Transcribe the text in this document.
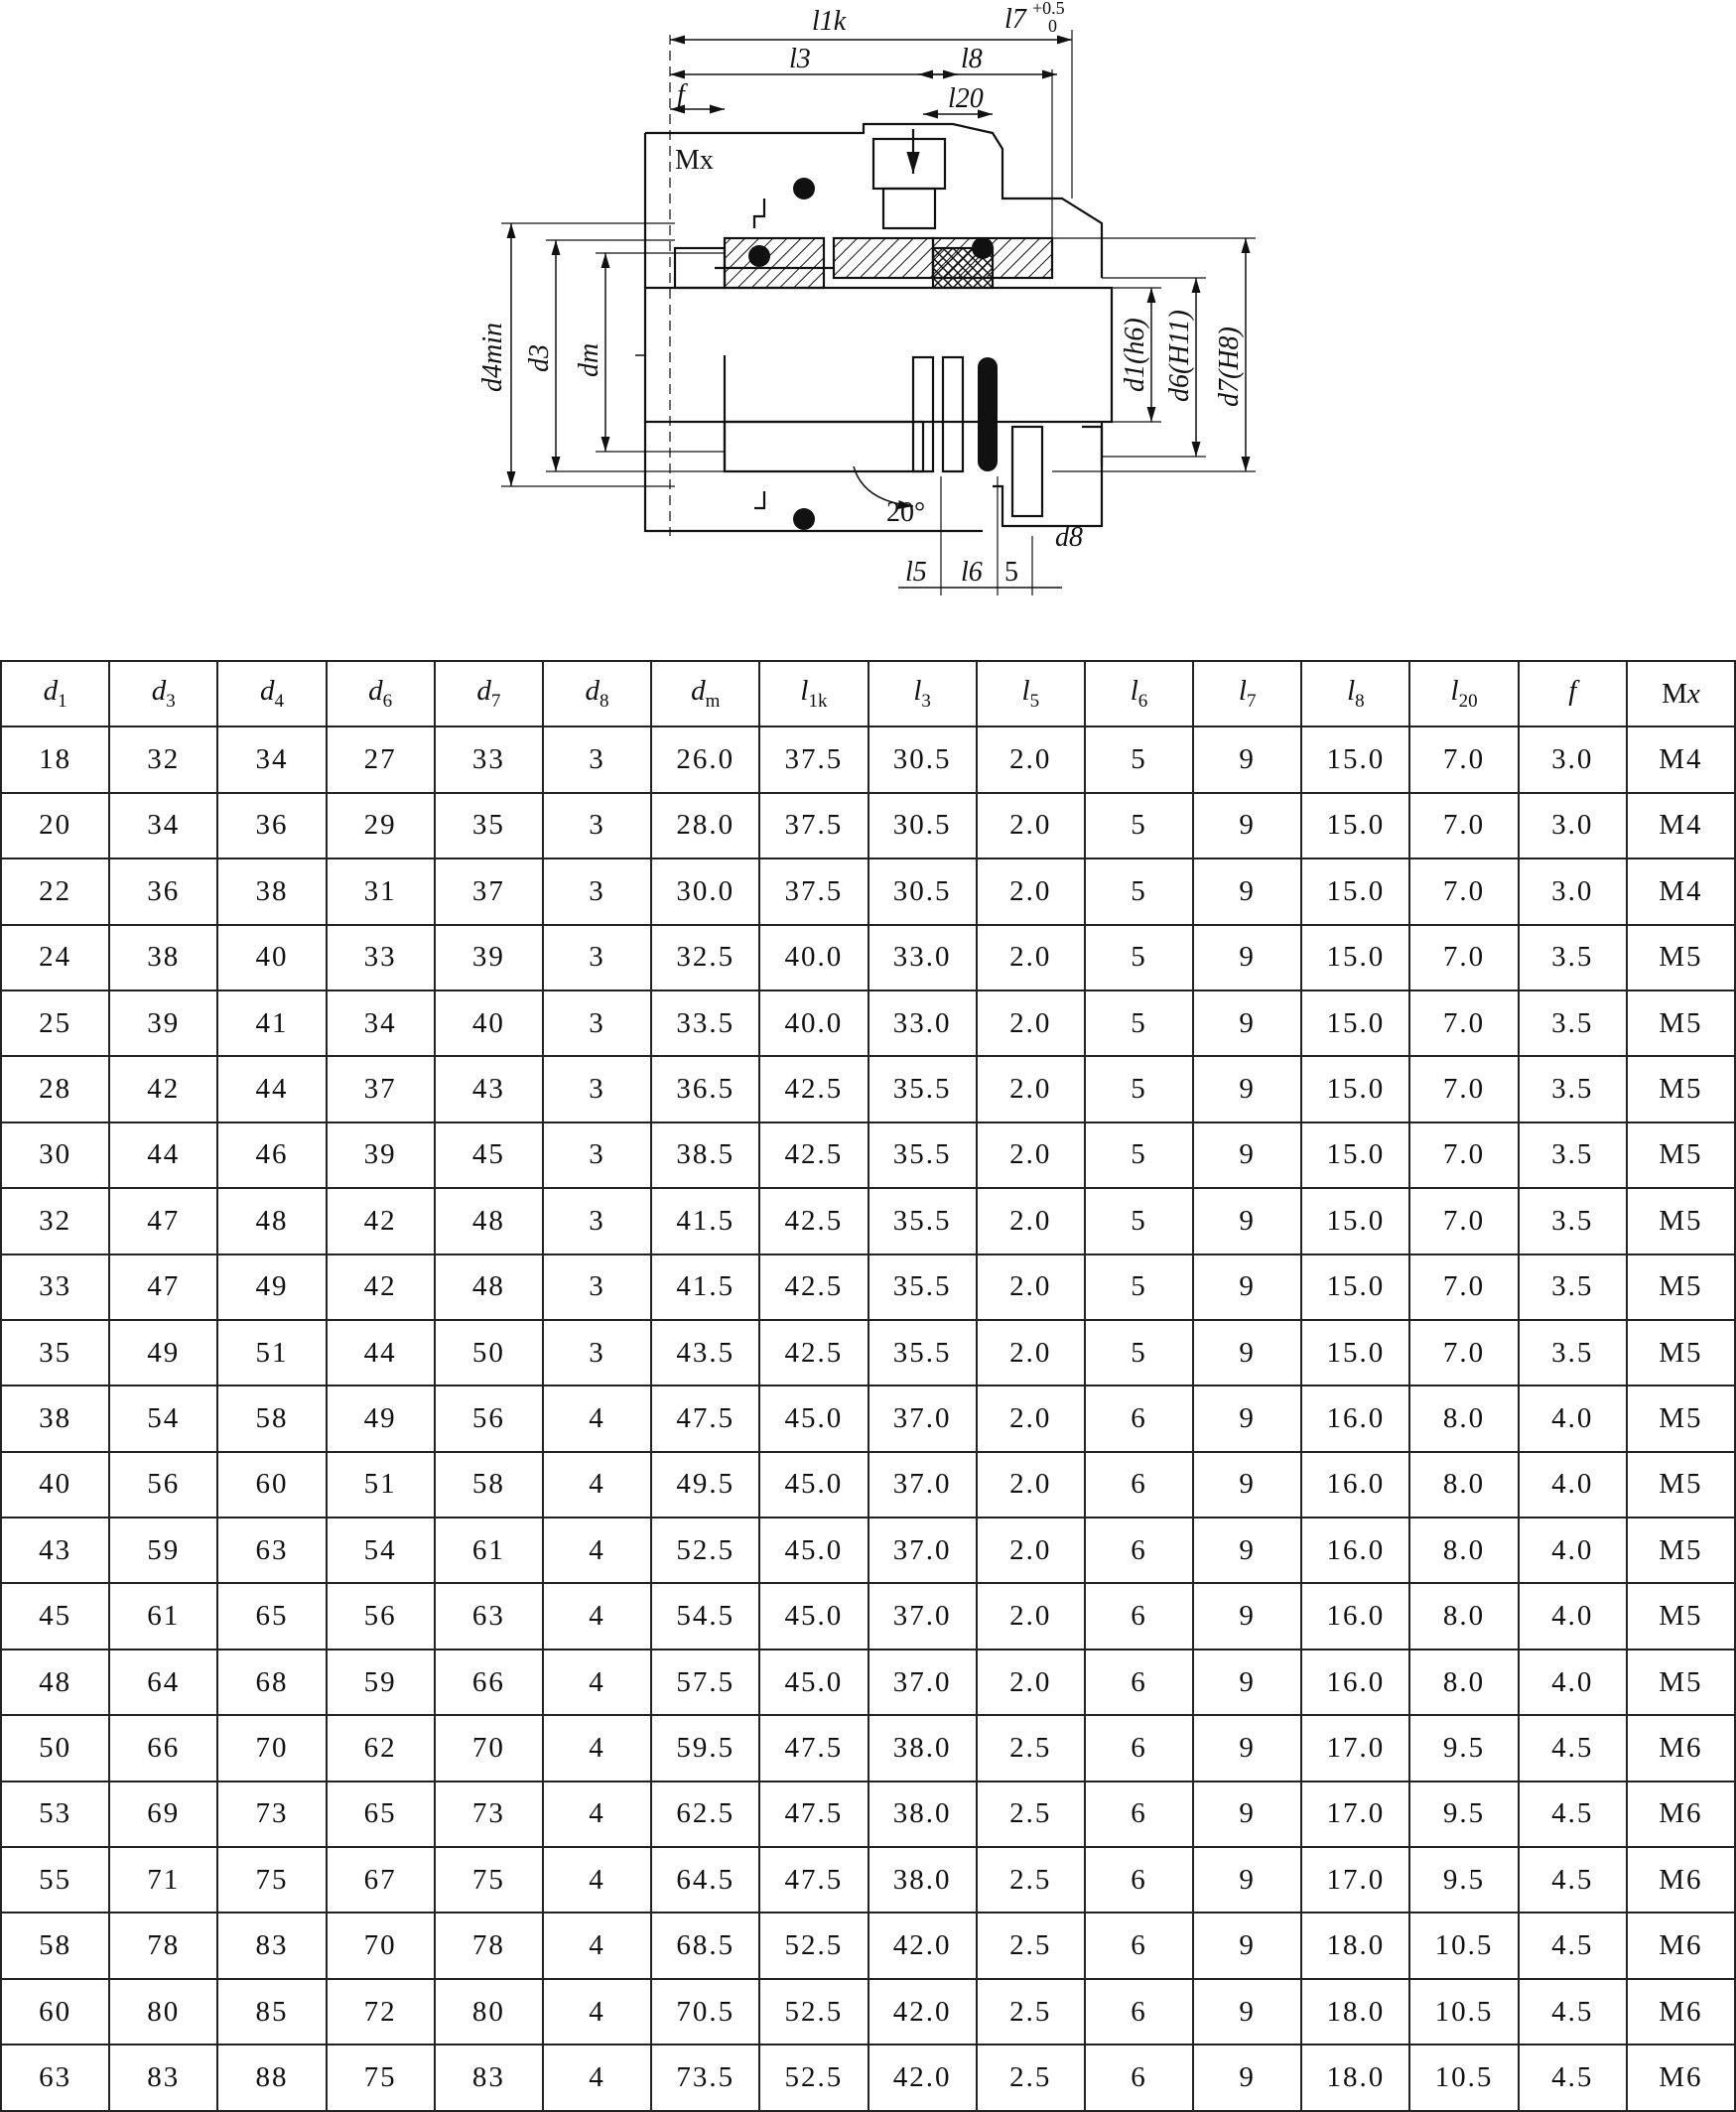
l1k	l7 +0.5
0
l3	l8
f	l20
Mx
d4min d3 dm	d1(h6) d6(H11) d7(H8)
20°
d8
l5 l6 5
$d_1$	$d_3$	$d_4$	$d_6$	$d_7$	$d_8$	$d_m$	$l_{1k}$	$l_3$	$l_5$	$l_6$	$l_7$	$l_8$	$l_{20}$	f	Mx
18	32	34	27	33	3	26.0	37.5	30.5	2.0	5	9	15.0	7.0	3.0	M4
20	34	36	29	35	3	28.0	37.5	30.5	2.0	5	9	15.0	7.0	3.0	M4
22	36	38	31	37	3	30.0	37.5	30.5	2.0	5	9	15.0	7.0	3.0	M4
24	38	40	33	39	3	32.5	40.0	33.0	2.0	5	9	15.0	7.0	3.5	M5
25	39	41	34	40	3	33.5	40.0	33.0	2.0	5	9	15.0	7.0	3.5	M5
28	42	44	37	43	3	36.5	42.5	35.5	2.0	5	9	15.0	7.0	3.5	M5
30	44	46	39	45	3	38.5	42.5	35.5	2.0	5	9	15.0	7.0	3.5	M5
32	47	48	42	48	3	41.5	42.5	35.5	2.0	5	9	15.0	7.0	3.5	M5
33	47	49	42	48	3	41.5	42.5	35.5	2.0	5	9	15.0	7.0	3.5	M5
35	49	51	44	50	3	43.5	42.5	35.5	2.0	5	9	15.0	7.0	3.5	M5
38	54	58	49	56	4	47.5	45.0	37.0	2.0	6	9	16.0	8.0	4.0	M5
40	56	60	51	58	4	49.5	45.0	37.0	2.0	6	9	16.0	8.0	4.0	M5
43	59	63	54	61	4	52.5	45.0	37.0	2.0	6	9	16.0	8.0	4.0	M5
45	61	65	56	63	4	54.5	45.0	37.0	2.0	6	9	16.0	8.0	4.0	M5
48	64	68	59	66	4	57.5	45.0	37.0	2.0	6	9	16.0	8.0	4.0	M5
50	66	70	62	70	4	59.5	47.5	38.0	2.5	6	9	17.0	9.5	4.5	M6
53	69	73	65	73	4	62.5	47.5	38.0	2.5	6	9	17.0	9.5	4.5	M6
55	71	75	67	75	4	64.5	47.5	38.0	2.5	6	9	17.0	9.5	4.5	M6
58	78	83	70	78	4	68.5	52.5	42.0	2.5	6	9	18.0	10.5	4.5	M6
60	80	85	72	80	4	70.5	52.5	42.0	2.5	6	9	18.0	10.5	4.5	M6
63	83	88	75	83	4	73.5	52.5	42.0	2.5	6	9	18.0	10.5	4.5	M6
